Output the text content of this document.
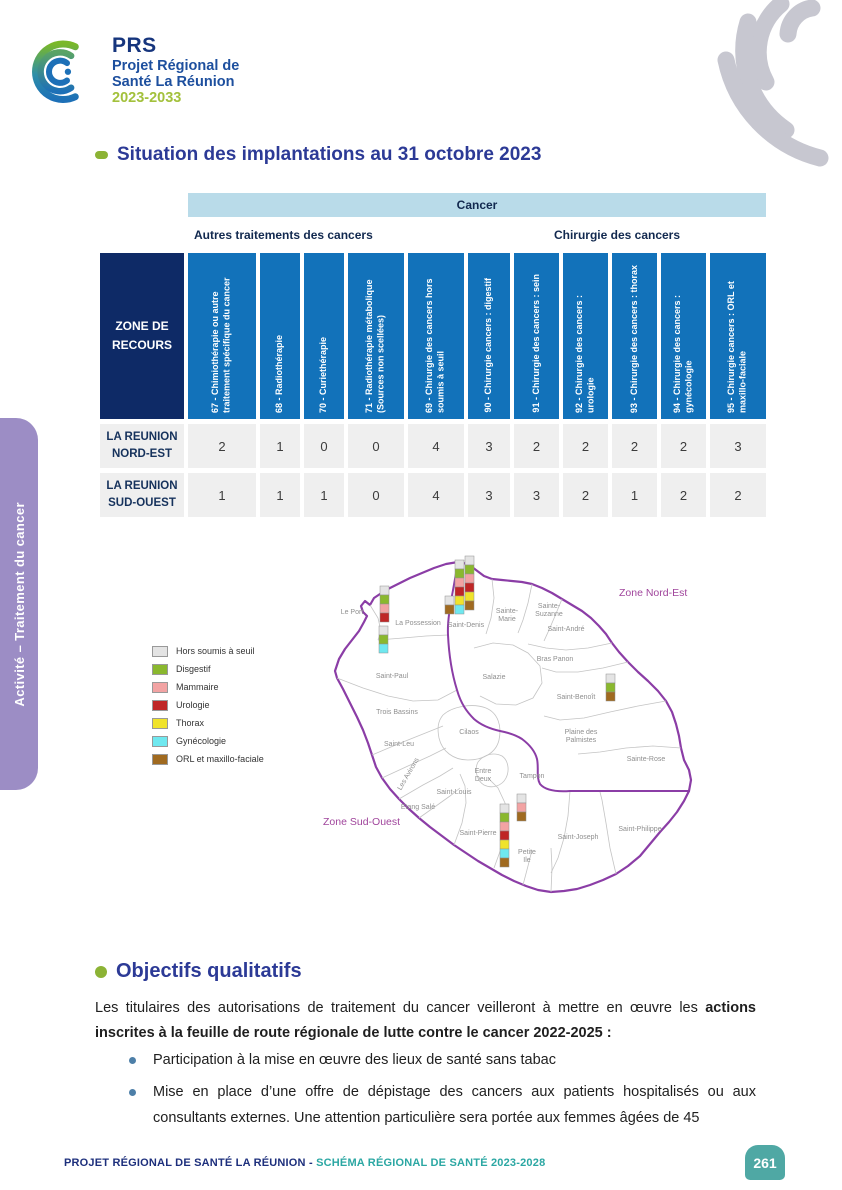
PRS
Projet Régional de
Santé La Réunion
2023-2033
Activité – Traitement du cancer
Situation des implantations au 31 octobre 2023
Cancer
Autres traitements des cancers	Chirurgie des cancers
ZONE DE RECOURS	67 - Chimiothérapie ou autre traitement spécifique du cancer	68 - Radiothérapie	70 - Curiethérapie	71 - Radiothérapie métabolique (Sources non scellées)	69 - Chirurgie des cancers hors soumis à seuil	90 - Chirurgie cancers : digestif	91 - Chirurgie des cancers : sein	92 - Chirurgie des cancers : urologie	93 - Chirurgie des cancers : thorax	94 - Chirurgie des cancers : gynécologie	95 - Chirurgie cancers : ORL et maxillo-faciale
LA REUNION NORD-EST
2	1	0	0	4	3	2	2	2	2	3
LA REUNION SUD-OUEST
1	1	1	0	4	3	3	2	1	2	2
Hors soumis à seuil
Disgestif
Mammaire
Urologie
Thorax
Gynécologie
ORL et maxillo-faciale
Zone Nord-Est
Zone Sud-Ouest
Le Port
La Possession Saint-Denis
Sainte-Marie
Sainte-Suzanne
Saint-André
Bras Panon
Salazie
Saint-Paul
Trois Bassins
Saint-Benoît
Cilaos
Saint-Leu
Plaine des Palmistes
Sainte-Rose
Les Avirons	Entre Deux	Tampon
Saint-Louis
Etang Salé
Saint-Pierre
Petite Ile
Saint-Joseph
Saint-Philippe
Objectifs qualitatifs
Les titulaires des autorisations de traitement du cancer veilleront à mettre en œuvre les actions inscrites à la feuille de route régionale de lutte contre le cancer 2022-2025 :
Participation à la mise en œuvre des lieux de santé sans tabac
Mise en place d’une offre de dépistage des cancers aux patients hospitalisés ou aux consultants externes. Une attention particulière sera portée aux femmes âgées de 45
PROJET RÉGIONAL DE SANTÉ LA RÉUNION - SCHÉMA RÉGIONAL DE SANTÉ 2023-2028	261
